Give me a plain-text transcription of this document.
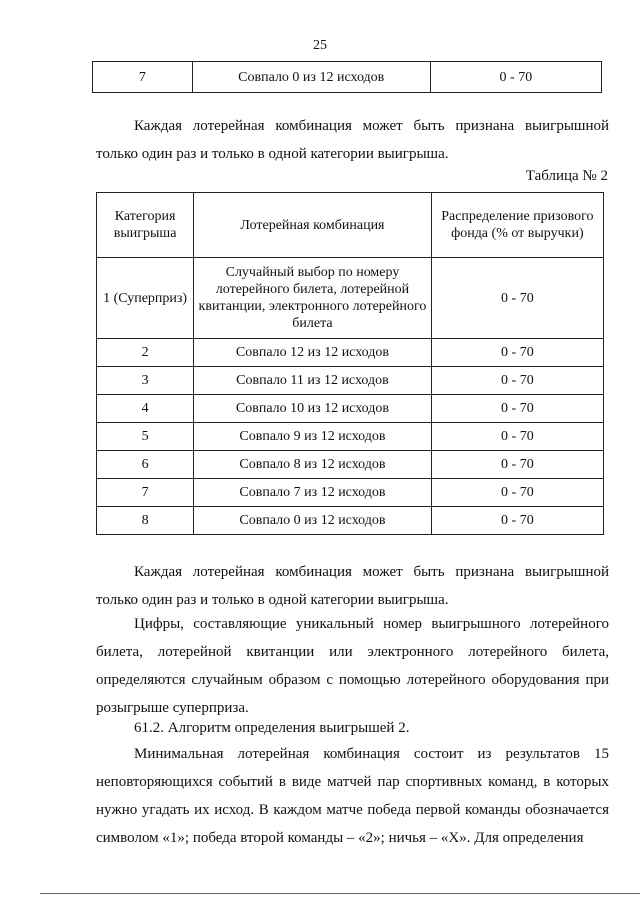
25
7	Совпало 0 из 12 исходов	0 - 70

Каждая лотерейная комбинация может быть признана выигрышной только один раз и только в одной категории выигрыша.

Таблица № 2
Категория выигрыша	Лотерейная комбинация	Распределение призового фонда (% от выручки)
1 (Суперприз)	Случайный выбор по номеру лотерейного билета, лотерейной квитанции, электронного лотерейного билета	0 - 70
2	Совпало 12 из 12 исходов	0 - 70
3	Совпало 11 из 12 исходов	0 - 70
4	Совпало 10 из 12 исходов	0 - 70
5	Совпало 9 из 12 исходов	0 - 70
6	Совпало 8 из 12 исходов	0 - 70
7	Совпало 7 из 12 исходов	0 - 70
8	Совпало 0 из 12 исходов	0 - 70

Каждая лотерейная комбинация может быть признана выигрышной только один раз и только в одной категории выигрыша.

Цифры, составляющие уникальный номер выигрышного лотерейного билета, лотерейной квитанции или электронного лотерейного билета, определяются случайным образом с помощью лотерейного оборудования при розыгрыше суперприза.

61.2. Алгоритм определения выигрышей 2.

Минимальная лотерейная комбинация состоит из результатов 15 неповторяющихся событий в виде матчей пар спортивных команд, в которых нужно угадать их исход. В каждом матче победа первой команды обозначается символом «1»; победа второй команды – «2»; ничья – «Х». Для определения
